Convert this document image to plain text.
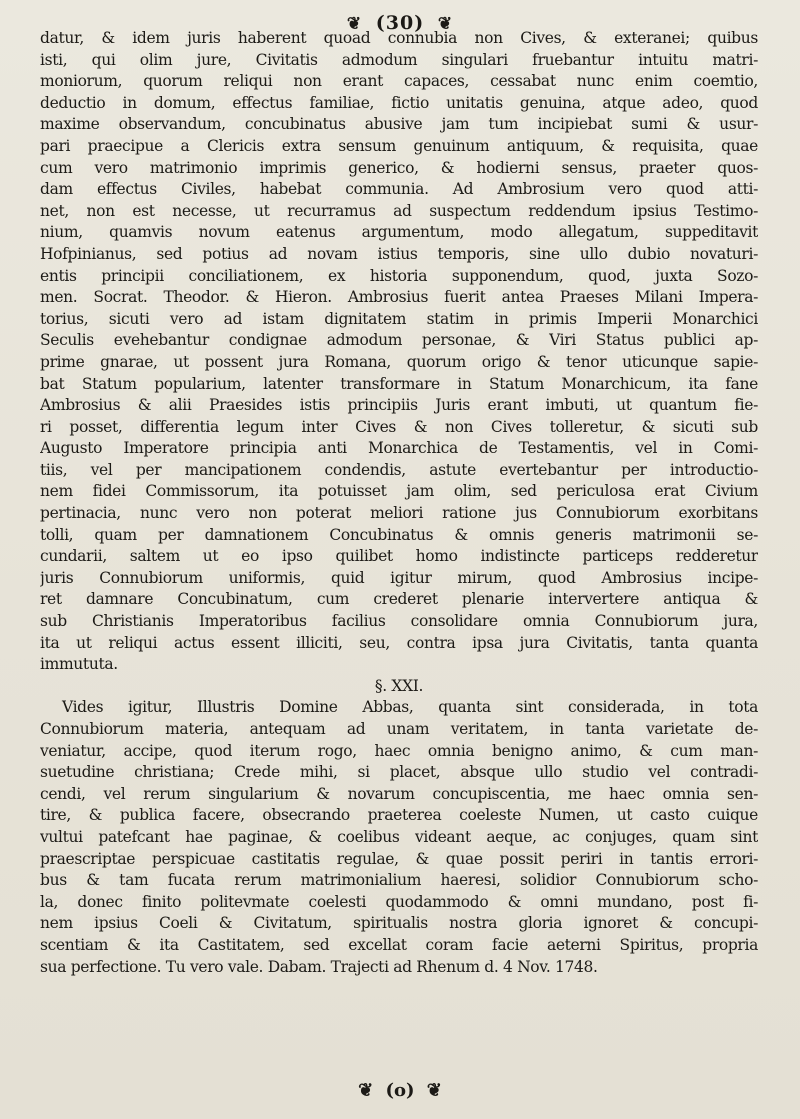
❦ (30) ❦
datur, & idem juris haberent quoad connubia non Cives, & exteranei; quibus
isti, qui olim jure, Civitatis admodum singulari fruebantur intuitu matri-
moniorum, quorum reliqui non erant capaces, cessabat nunc enim coemtio,
deductio in domum, effectus familiae, fictio unitatis genuina, atque adeo, quod
maxime observandum, concubinatus abusive jam tum incipiebat sumi & usur-
pari praecipue a Clericis extra sensum genuinum antiquum, & requisita, quae
cum vero matrimonio imprimis generico, & hodierni sensus, praeter quos-
dam effectus Civiles, habebat communia. Ad Ambrosium vero quod atti-
net, non est necesse, ut recurramus ad suspectum reddendum ipsius Testimo-
nium, quamvis novum eatenus argumentum, modo allegatum, suppeditavit
Hofpinianus, sed potius ad novam istius temporis, sine ullo dubio novaturi-
entis principii conciliationem, ex historia supponendum, quod, juxta Sozo-
men. Socrat. Theodor. & Hieron. Ambrosius fuerit antea Praeses Milani Impera-
torius, sicuti vero ad istam dignitatem statim in primis Imperii Monarchici
Seculis evehebantur condignae admodum personae, & Viri Status publici ap-
prime gnarae, ut possent jura Romana, quorum origo & tenor uticunque sapie-
bat Statum popularium, latenter transformare in Statum Monarchicum, ita fane
Ambrosius & alii Praesides istis principiis Juris erant imbuti, ut quantum fie-
ri posset, differentia legum inter Cives & non Cives tolleretur, & sicuti sub
Augusto Imperatore principia anti Monarchica de Testamentis, vel in Comi-
tiis, vel per mancipationem condendis, astute evertebantur per introductio-
nem fidei Commissorum, ita potuisset jam olim, sed periculosa erat Civium
pertinacia, nunc vero non poterat meliori ratione jus Connubiorum exorbitans
tolli, quam per damnationem Concubinatus & omnis generis matrimonii se-
cundarii, saltem ut eo ipso quilibet homo indistincte particeps redderetur
juris Connubiorum uniformis, quid igitur mirum, quod Ambrosius incipe-
ret damnare Concubinatum, cum crederet plenarie intervertere antiqua &
sub Christianis Imperatoribus facilius consolidare omnia Connubiorum jura,
ita ut reliqui actus essent illiciti, seu, contra ipsa jura Civitatis, tanta quanta
immututa.
§. XXI.
Vides igitur, Illustris Domine Abbas, quanta sint considerada, in tota
Connubiorum materia, antequam ad unam veritatem, in tanta varietate de-
veniatur, accipe, quod iterum rogo, haec omnia benigno animo, & cum man-
suetudine christiana; Crede mihi, si placet, absque ullo studio vel contradi-
cendi, vel rerum singularium & novarum concupiscentia, me haec omnia sen-
tire, & publica facere, obsecrando praeterea coeleste Numen, ut casto cuique
vultui patefcant hae paginae, & coelibus videant aeque, ac conjuges, quam sint
praescriptae perspicuae castitatis regulae, & quae possit periri in tantis errori-
bus & tam fucata rerum matrimonialium haeresi, solidior Connubiorum scho-
la, donec finito politevmate coelesti quodammodo & omni mundano, post fi-
nem ipsius Coeli & Civitatum, spiritualis nostra gloria ignoret & concupi-
scentiam & ita Castitatem, sed excellat coram facie aeterni Spiritus, propria
sua perfectione. Tu vero vale. Dabam. Trajecti ad Rhenum d. 4 Nov. 1748.
❦ (o) ❦
